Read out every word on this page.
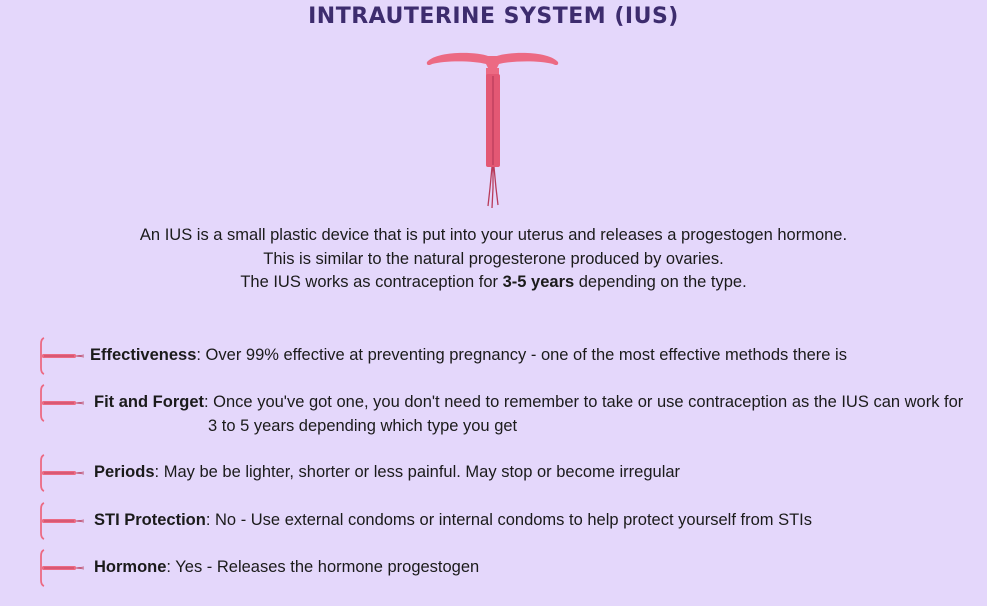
INTRAUTERINE SYSTEM (IUS)
An IUS is a small plastic device that is put into your uterus and releases a progestogen hormone.
This is similar to the natural progesterone produced by ovaries.
The IUS works as contraception for 3-5 years depending on the type.
Effectiveness: Over 99% effective at preventing pregnancy - one of the most effective methods there is
Fit and Forget: Once you've got one, you don't need to remember to take or use contraception as the IUS can work for
3 to 5 years depending which type you get
Periods: May be be lighter, shorter or less painful. May stop or become irregular
STI Protection: No - Use external condoms or internal condoms to help protect yourself from STIs
Hormone: Yes - Releases the hormone progestogen
